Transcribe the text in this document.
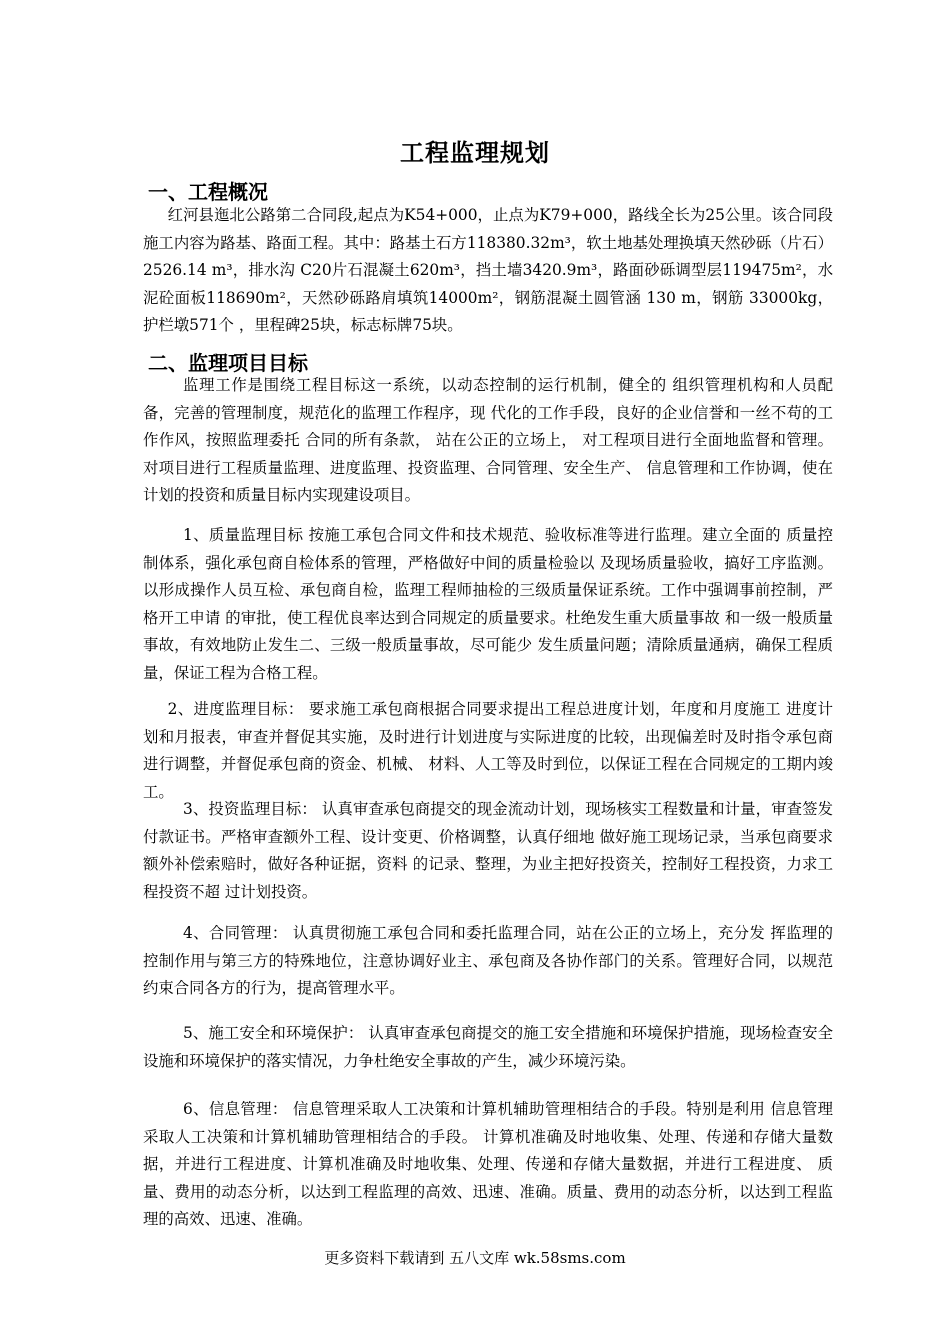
工程监理规划
一、工程概况

红河县迤北公路第二合同段,起点为K54+000，止点为K79+000，路线全长为25公里。该合同段施工内容为路基、路面工程。其中：路基土石方118380.32m³，软土地基处理换填天然砂砾（片石）2526.14 m³，排水沟 C20片石混凝土620m³，挡土墙3420.9m³，路面砂砾调型层119475m²，水泥砼面板118690m²，天然砂砾路肩填筑14000m²，钢筋混凝土圆管涵 130 m，钢筋 33000kg，护栏墩571个 ，里程碑25块，标志标牌75块。

二、监理项目目标

监理工作是围绕工程目标这一系统，以动态控制的运行机制，健全的 组织管理机构和人员配备，完善的管理制度，规范化的监理工作程序，现 代化的工作手段，良好的企业信誉和一丝不苟的工作作风，按照监理委托 合同的所有条款， 站在公正的立场上， 对工程项目进行全面地监督和管理。 对项目进行工程质量监理、进度监理、投资监理、合同管理、安全生产、 信息管理和工作协调，使在计划的投资和质量目标内实现建设项目。

1、质量监理目标 按施工承包合同文件和技术规范、验收标准等进行监理。建立全面的 质量控制体系，强化承包商自检体系的管理，严格做好中间的质量检验以 及现场质量验收，搞好工序监测。以形成操作人员互检、承包商自检，监理工程师抽检的三级质量保证系统。工作中强调事前控制，严格开工申请 的审批，使工程优良率达到合同规定的质量要求。杜绝发生重大质量事故 和一级一般质量事故，有效地防止发生二、三级一般质量事故，尽可能少 发生质量问题；清除质量通病，确保工程质量，保证工程为合格工程。

2、进度监理目标： 要求施工承包商根据合同要求提出工程总进度计划，年度和月度施工 进度计划和月报表，审查并督促其实施，及时进行计划进度与实际进度的比较，出现偏差时及时指令承包商进行调整，并督促承包商的资金、机械、 材料、人工等及时到位，以保证工程在合同规定的工期内竣工。

3、投资监理目标： 认真审查承包商提交的现金流动计划，现场核实工程数量和计量，审查签发付款证书。严格审查额外工程、设计变更、价格调整，认真仔细地 做好施工现场记录，当承包商要求额外补偿索赔时，做好各种证据，资料 的记录、整理，为业主把好投资关，控制好工程投资，力求工程投资不超 过计划投资。

4、合同管理： 认真贯彻施工承包合同和委托监理合同，站在公正的立场上，充分发 挥监理的控制作用与第三方的特殊地位，注意协调好业主、承包商及各协作部门的关系。管理好合同，以规范约束合同各方的行为，提高管理水平。

5、施工安全和环境保护： 认真审查承包商提交的施工安全措施和环境保护措施，现场检查安全 设施和环境保护的落实情况，力争杜绝安全事故的产生，减少环境污染。

6、信息管理： 信息管理采取人工决策和计算机辅助管理相结合的手段。特别是利用 信息管理采取人工决策和计算机辅助管理相结合的手段。 计算机准确及时地收集、处理、传递和存储大量数据，并进行工程进度、计算机准确及时地收集、处理、传递和存储大量数据，并进行工程进度、 质量、费用的动态分析，以达到工程监理的高效、迅速、准确。质量、费用的动态分析，以达到工程监理的高效、迅速、准确。

更多资料下载请到 五八文库 wk.58sms.com
